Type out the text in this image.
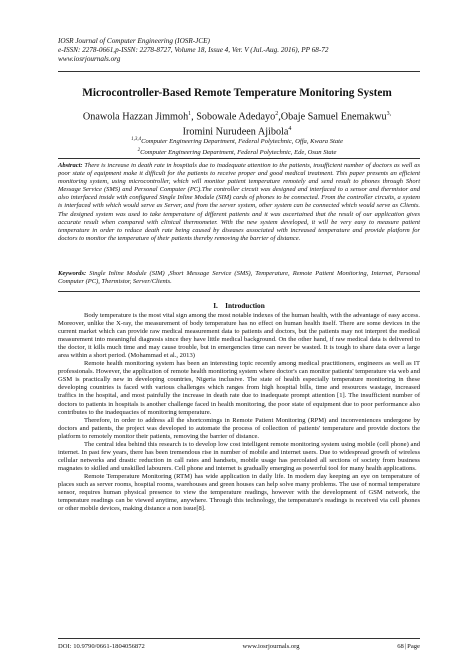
IOSR Journal of Computer Engineering (IOSR-JCE)
e-ISSN: 2278-0661,p-ISSN: 2278-8727, Volume 18, Issue 4, Ver. V (Jul.-Aug. 2016), PP 68-72
www.iosrjournals.org
Microcontroller-Based Remote Temperature Monitoring System
Onawola Hazzan Jimmoh$^1$, Sobowale Adedayo$^2$,Obaje Samuel Enemakwu$^{3,}$
Iromini Nurudeen Ajibola$^4$
$^{1,3,4}$Computer Engineering Department, Federal Polytechnic, Offa, Kwara State
$^2$Computer Engineering Department, Federal Polytechnic, Ede, Osun State
Abstract: There is increase in death rate in hospitals due to inadequate attention to the patients, insufficient number of doctors as well as poor state of equipment make it difficult for the patients to receive proper and good medical treatment. This paper presents an efficient monitoring system, using microcontroller, which will monitor patient temperature remotely and send result to phones through Short Message Service (SMS) and Personal Computer (PC).The controller circuit was designed and interfaced to a sensor and thermistor and also interfaced inside with configured Single Inline Module (SIM) cards of phones to be connected. From the controller circuits, a system is interfaced with which would serve as Server, and from the server system, other system can be connected which would serve as Clients. The designed system was used to take temperature of different patients and it was ascertained that the result of our application gives accurate result when compared with clinical thermometer. With the new system developed, it will be very easy to measure patient temperature in order to reduce death rate being caused by diseases associated with increased temperature and provide platform for doctors to monitor the temperature of their patients thereby removing the barrier of distance.
Keywords: Single Inline Module (SIM) ,Short Message Service (SMS), Temperature, Remote Patient Monitoring, Internet, Personal Computer (PC), Thermistor, Server/Clients.
I.    Introduction

Body temperature is the most vital sign among the most notable indexes of the human health, with the advantage of easy access. Moreover, unlike the X-ray, the measurement of body temperature has no effect on human health itself. There are some devices in the current market which can provide raw medical measurement data to patients and doctors, but the patients may not interpret the medical measurement into meaningful diagnosis since they have little medical background. On the other hand, if raw medical data is delivered to the doctor, it kills much time and may cause trouble, but in emergencies time can never be wasted. It is tough to share data over a large area within a short period. (Mohammad et al., 2013)

Remote health monitoring system has been an interesting topic recently among medical practitioners, engineers as well as IT professionals. However, the application of remote health monitoring system where doctor's can monitor patients' temperature via web and GSM is practically new in developing countries, Nigeria inclusive. The state of health especially temperature monitoring in these developing countries is faced with various challenges which ranges from high hospital bills, time and resources wastage, increased traffics in the hospital, and most painfully the increase in death rate due to inadequate prompt attention [1]. The insufficient number of doctors to patients in hospitals is another challenge faced in health monitoring, the poor state of equipment due to poor performance also contributes to the inadequacies of monitoring temperature.

Therefore, in order to address all the shortcomings in Remote Patient Monitoring (RPM) and inconveniences undergone by doctors and patients, the project was developed to automate the process of collection of patients' temperature and provide doctors the platform to remotely monitor their patients, removing the barrier of distance.

The central idea behind this research is to develop low cost intelligent remote monitoring system using mobile (cell phone) and internet. In past few years, there has been tremendous rise in number of mobile and internet users. Due to widespread growth of wireless cellular networks and drastic reduction in call rates and handsets, mobile usage has percolated all sections of society from business magnates to skilled and unskilled labourers. Cell phone and internet is gradually emerging as powerful tool for many health applications.

Remote Temperature Monitoring (RTM) has wide application in daily life. In modern day keeping an eye on temperature of places such as server rooms, hospital rooms, warehouses and green houses can help solve many problems. The use of normal temperature sensor, requires human physical presence to view the temperature readings, however with the development of GSM network, the temperature readings can be viewed anytime, anywhere. Through this technology, the temperature's readings is received via cell phones or other mobile devices, making distance a non issue[8].

DOI: 10.9790/0661-1804056872	www.iosrjournals.org	68 | Page
